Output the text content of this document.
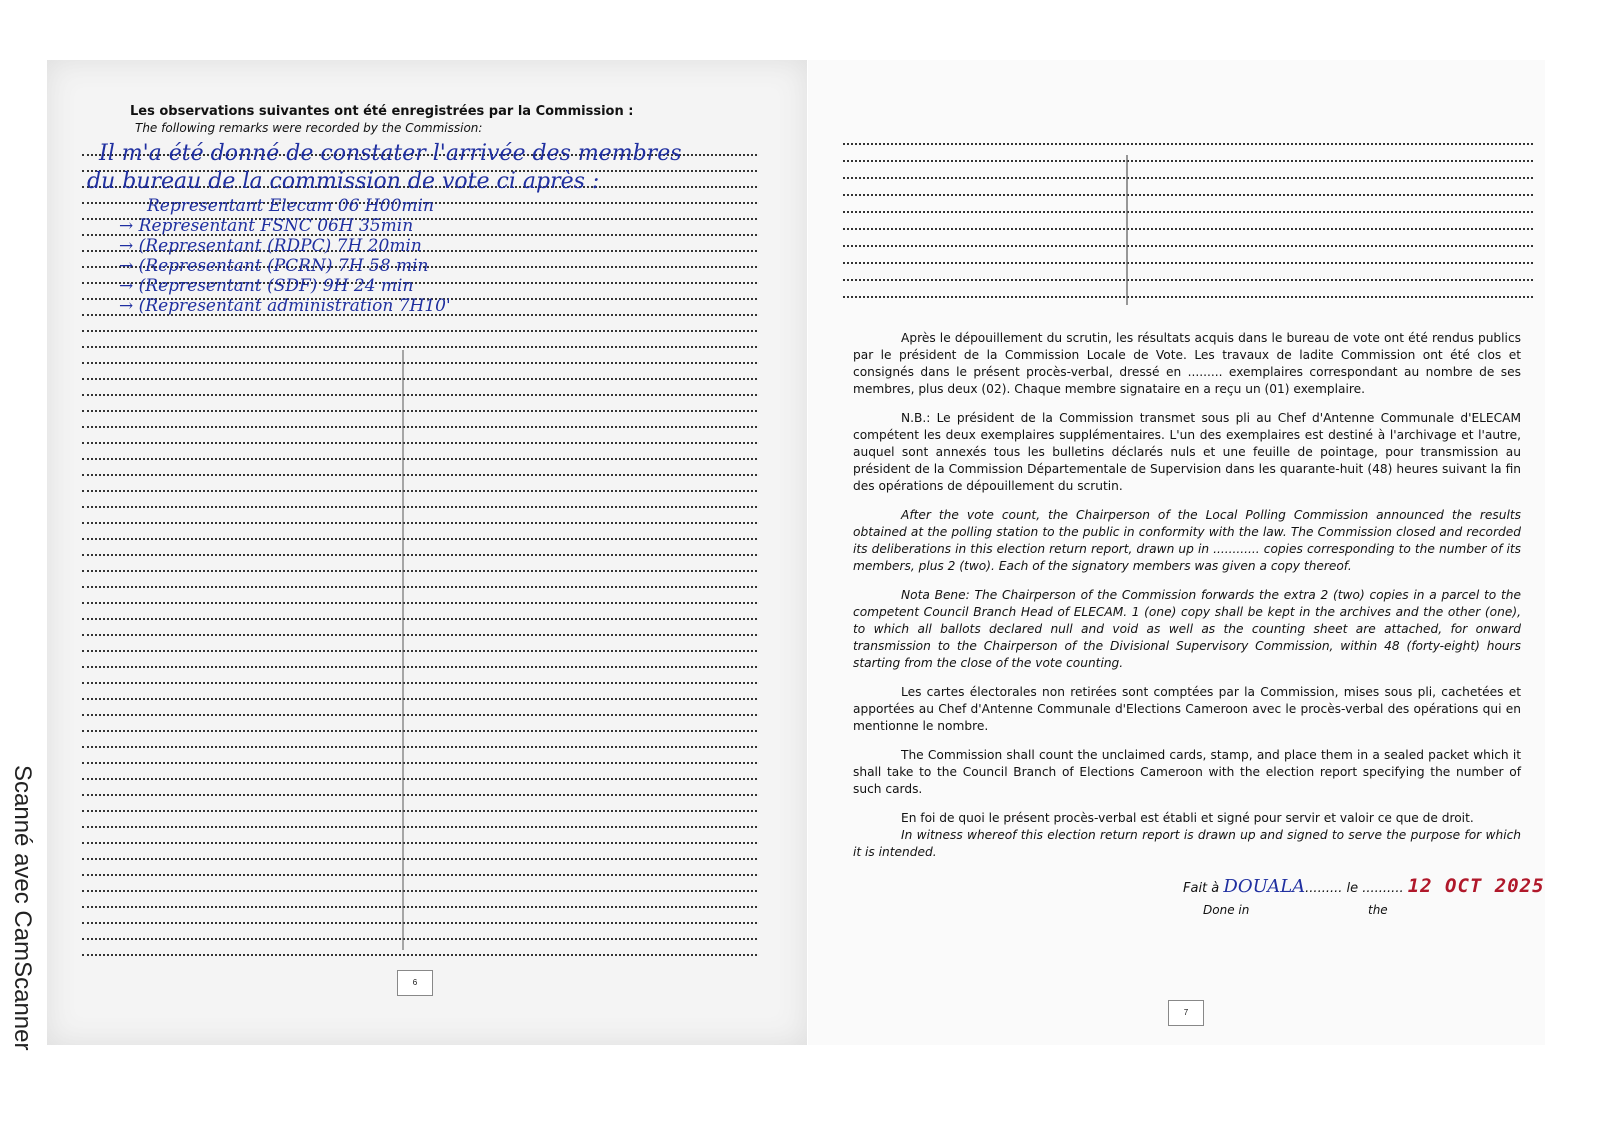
Les observations suivantes ont été enregistrées par la Commission :
The following remarks were recorded by the Commission:
Il m'a été donné de constater l'arrivée des membres
du bureau de la commission de vote ci après :
Representant Elecam 06 H00min
→ Representant FSNC 06H 35min
→ (Representant (RDPC) 7H 20min
→ (Representant (PCRN) 7H 58 min
→ (Representant (SDF) 9H 24 min
→ (Representant administration 7H10'
6

Après le dépouillement du scrutin, les résultats acquis dans le bureau de vote ont été rendus publics par le président de la Commission Locale de Vote. Les travaux de ladite Commission ont été clos et consignés dans le présent procès-verbal, dressé en ......... exemplaires correspondant au nombre de ses membres, plus deux (02). Chaque membre signataire en a reçu un (01) exemplaire.

N.B.: Le président de la Commission transmet sous pli au Chef d'Antenne Communale d'ELECAM compétent les deux exemplaires supplémentaires. L'un des exemplaires est destiné à l'archivage et l'autre, auquel sont annexés tous les bulletins déclarés nuls et une feuille de pointage, pour transmission au président de la Commission Départementale de Supervision dans les quarante-huit (48) heures suivant la fin des opérations de dépouillement du scrutin.

After the vote count, the Chairperson of the Local Polling Commission announced the results obtained at the polling station to the public in conformity with the law. The Commission closed and recorded its deliberations in this election return report, drawn up in ............ copies corresponding to the number of its members, plus 2 (two). Each of the signatory members was given a copy thereof.

Nota Bene: The Chairperson of the Commission forwards the extra 2 (two) copies in a parcel to the competent Council Branch Head of ELECAM. 1 (one) copy shall be kept in the archives and the other (one), to which all ballots declared null and void as well as the counting sheet are attached, for onward transmission to the Chairperson of the Divisional Supervisory Commission, within 48 (forty-eight) hours starting from the close of the vote counting.

Les cartes électorales non retirées sont comptées par la Commission, mises sous pli, cachetées et apportées au Chef d'Antenne Communale d'Elections Cameroon avec le procès-verbal des opérations qui en mentionne le nombre.

The Commission shall count the unclaimed cards, stamp, and place them in a sealed packet which it shall take to the Council Branch of Elections Cameroon with the election report specifying the number of such cards.

En foi de quoi le présent procès-verbal est établi et signé pour servir et valoir ce que de droit.

In witness whereof this election return report is drawn up and signed to serve the purpose for which it is intended.

Fait à DOUALA......... le .......... 12 OCT 2025
Done in	the
7
Scanné avec CamScanner
